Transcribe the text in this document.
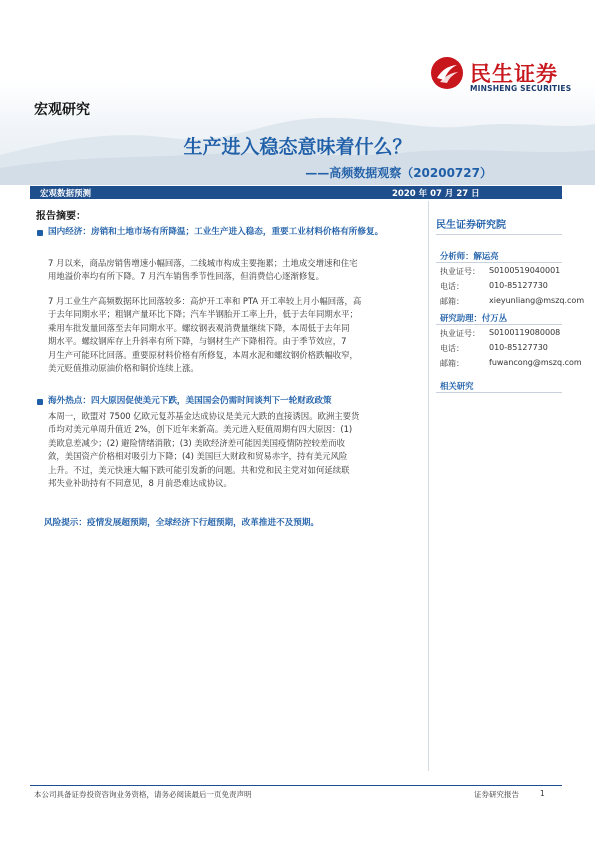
民生证券
MINSHENG SECURITIES
宏观研究
生产进入稳态意味着什么？
——高频数据观察（20200727）
宏观数据预测	2020 年 07 月 27 日
报告摘要：
国内经济：房销和土地市场有所降温；工业生产进入稳态，重要工业材料价格有所修复。
7 月以来，商品房销售增速小幅回落，二线城市构成主要拖累；土地成交增速和住宅
用地溢价率均有所下降。7 月汽车销售季节性回落，但消费信心逐渐修复。
7 月工业生产高频数据环比回落较多：高炉开工率和 PTA 开工率较上月小幅回落，高
于去年同期水平；粗钢产量环比下降；汽车半钢胎开工率上升，低于去年同期水平；
乘用车批发量回落至去年同期水平。螺纹钢表观消费量继续下降，本周低于去年同
期水平。螺纹钢库存上升斜率有所下降，与钢材生产下降相符。由于季节效应，7
月生产可能环比回落。重要原材料价格有所修复，本周水泥和螺纹钢价格跌幅收窄，
美元贬值推动原油价格和铜价连续上涨。
海外热点：四大原因促使美元下跌，美国国会仍需时间谈判下一轮财政政策
本周一，欧盟对 7500 亿欧元复苏基金达成协议是美元大跌的直接诱因。欧洲主要货
币均对美元单周升值近 2%，创下近年来新高。美元进入贬值周期有四大原因：(1)
美欧息差减少；(2) 避险情绪消散；(3) 美欧经济差可能因美国疫情防控较差而收
敛，美国资产价格相对吸引力下降；(4) 美国巨大财政和贸易赤字，持有美元风险
上升。不过，美元快速大幅下跌可能引发新的问题。共和党和民主党对如何延续联
邦失业补助持有不同意见，8 月前恐难达成协议。
风险提示：疫情发展超预期，全球经济下行超预期，改革推进不及预期。
民生证券研究院
分析师：解运亮
执业证号： S0100519040001
电话：	010-85127730
邮箱：	xieyunliang@mszq.com
研究助理：付万丛
执业证号： S0100119080008
电话：	010-85127730
邮箱：	fuwancong@mszq.com
相关研究
本公司具备证券投资咨询业务资格，请务必阅读最后一页免责声明	证券研究报告	1
